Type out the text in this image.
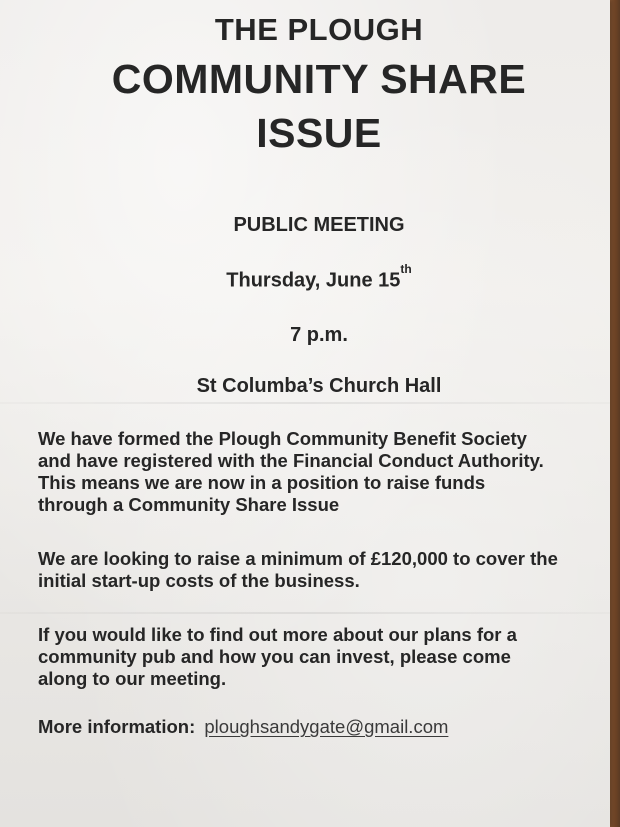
THE PLOUGH
COMMUNITY SHARE
ISSUE
PUBLIC MEETING
Thursday, June 15th
7 p.m.
St Columba’s Church Hall
We have formed the Plough Community Benefit Society
and have registered with the Financial Conduct Authority.
This means we are now in a position to raise funds
through a Community Share Issue
We are looking to raise a minimum of £120,000 to cover the
initial start-up costs of the business.
If you would like to find out more about our plans for a
community pub and how you can invest, please come
along to our meeting.
More information: ploughsandygate@gmail.com
